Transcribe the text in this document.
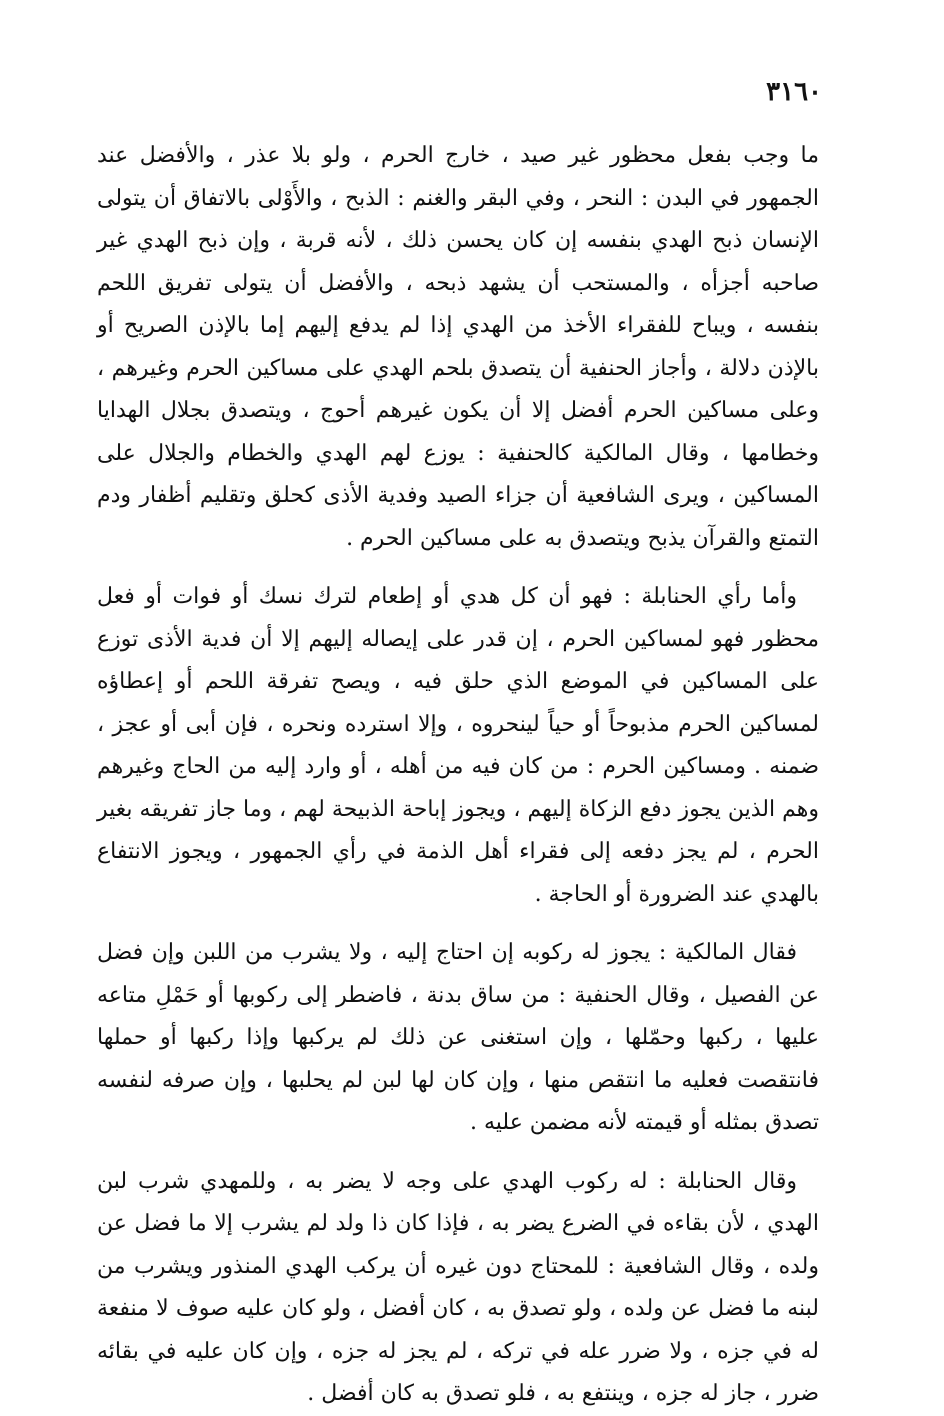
٣١٦٠

ما وجب بفعل محظور غير صيد ، خارج الحرم ، ولو بلا عذر ، والأفضل عند الجمهور في البدن : النحر ، وفي البقر والغنم : الذبح ، والأَوْلى بالاتفاق أن يتولى الإنسان ذبح الهدي بنفسه إن كان يحسن ذلك ، لأنه قربة ، وإن ذبح الهدي غير صاحبه أجزأه ، والمستحب أن يشهد ذبحه ، والأفضل أن يتولى تفريق اللحم بنفسه ، ويباح للفقراء الأخذ من الهدي إذا لم يدفع إليهم إما بالإذن الصريح أو بالإذن دلالة ، وأجاز الحنفية أن يتصدق بلحم الهدي على مساكين الحرم وغيرهم ، وعلى مساكين الحرم أفضل إلا أن يكون غيرهم أحوج ، ويتصدق بجلال الهدايا وخطامها ، وقال المالكية كالحنفية : يوزع لهم الهدي والخطام والجلال على المساكين ، ويرى الشافعية أن جزاء الصيد وفدية الأذى كحلق وتقليم أظفار ودم التمتع والقرآن يذبح ويتصدق به على مساكين الحرم .

وأما رأي الحنابلة : فهو أن كل هدي أو إطعام لترك نسك أو فوات أو فعل محظور فهو لمساكين الحرم ، إن قدر على إيصاله إليهم إلا أن فدية الأذى توزع على المساكين في الموضع الذي حلق فيه ، ويصح تفرقة اللحم أو إعطاؤه لمساكين الحرم مذبوحاً أو حياً لينحروه ، وإلا استرده ونحره ، فإن أبى أو عجز ، ضمنه . ومساكين الحرم : من كان فيه من أهله ، أو وارد إليه من الحاج وغيرهم وهم الذين يجوز دفع الزكاة إليهم ، ويجوز إباحة الذبيحة لهم ، وما جاز تفريقه بغير الحرم ، لم يجز دفعه إلى فقراء أهل الذمة في رأي الجمهور ، ويجوز الانتفاع بالهدي عند الضرورة أو الحاجة .

فقال المالكية : يجوز له ركوبه إن احتاج إليه ، ولا يشرب من اللبن وإن فضل عن الفصيل ، وقال الحنفية : من ساق بدنة ، فاضطر إلى ركوبها أو حَمْلِ متاعه عليها ، ركبها وحمّلها ، وإن استغنى عن ذلك لم يركبها وإذا ركبها أو حملها فانتقصت فعليه ما انتقص منها ، وإن كان لها لبن لم يحلبها ، وإن صرفه لنفسه تصدق بمثله أو قيمته لأنه مضمن عليه .

وقال الحنابلة : له ركوب الهدي على وجه لا يضر به ، وللمهدي شرب لبن الهدي ، لأن بقاءه في الضرع يضر به ، فإذا كان ذا ولد لم يشرب إلا ما فضل عن ولده ، وقال الشافعية : للمحتاج دون غيره أن يركب الهدي المنذور ويشرب من لبنه ما فضل عن ولده ، ولو تصدق به ، كان أفضل ، ولو كان عليه صوف لا منفعة له في جزه ، ولا ضرر عله في تركه ، لم يجز له جزه ، وإن كان عليه في بقائه ضرر ، جاز له جزه ، وينتفع به ، فلو تصدق به كان أفضل .
